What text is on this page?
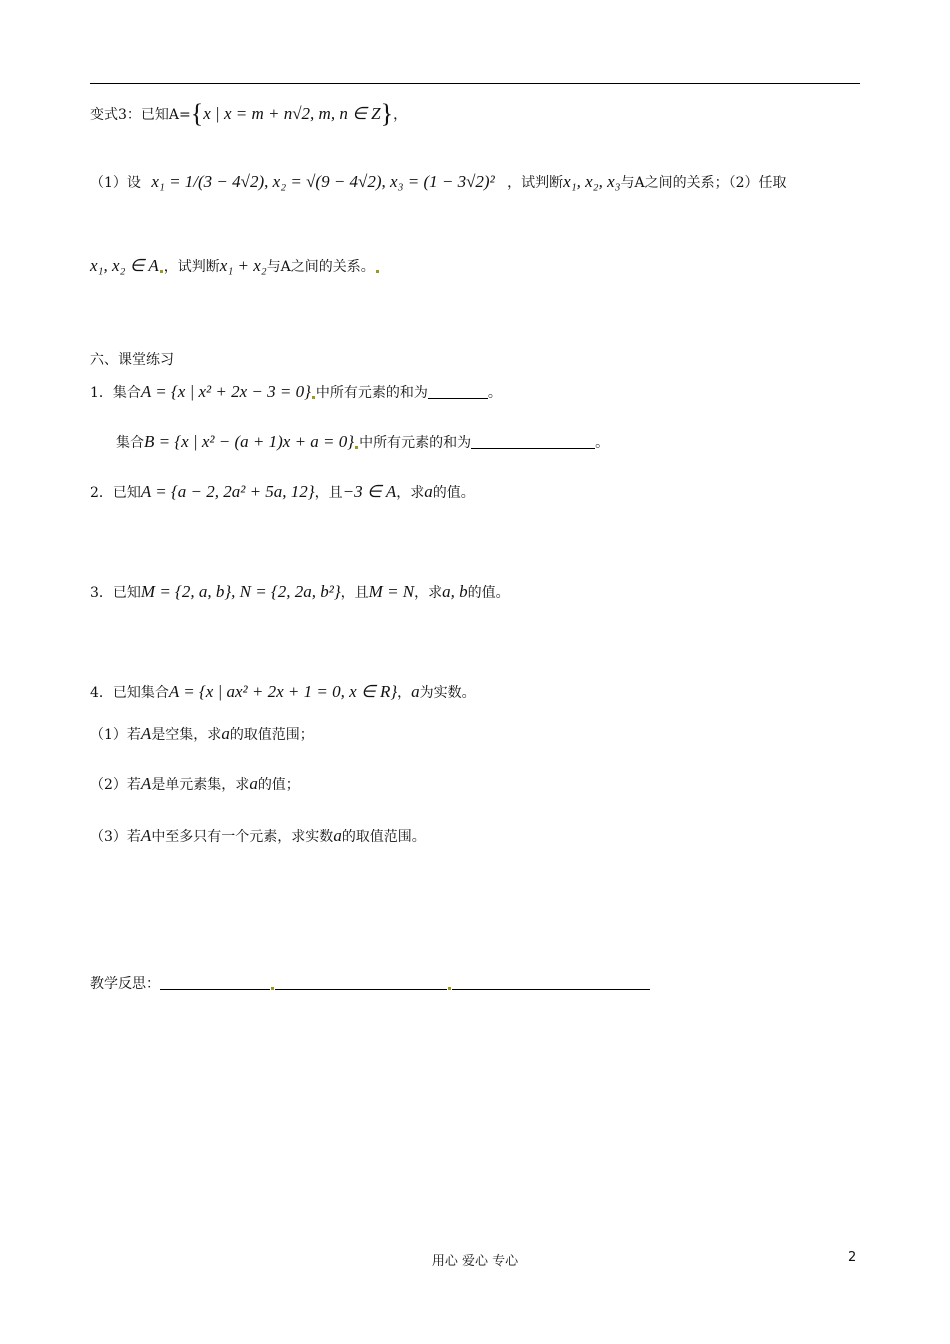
变式3：已知A={x | x = m + n√2, m, n ∈ Z}，
（1）设 x₁ = 1/(3 − 4√2), x₂ = √(9 − 4√2), x₃ = (1 − 3√2)² ，试判断x₁, x₂, x₃与A之间的关系；（2）任取
x₁, x₂ ∈ A ，试判断x₁ + x₂与A之间的关系。
六、课堂练习
1．集合A = {x | x² + 2x − 3 = 0} 中所有元素的和为	。
集合B = {x | x² − (a + 1)x + a = 0} 中所有元素的和为	。
2．已知A = {a − 2, 2a² + 5a, 12}，且−3 ∈ A，求a的值。
3．已知M = {2, a, b}, N = {2, 2a, b²}，且M = N，求a, b的值。
4．已知集合A = {x | ax² + 2x + 1 = 0, x ∈ R}，a为实数。
（1）若A是空集，求a的取值范围；
（2）若A是单元素集，求a的值；
（3）若A中至多只有一个元素，求实数a的取值范围。
教学反思：
用心 爱心 专心	2
